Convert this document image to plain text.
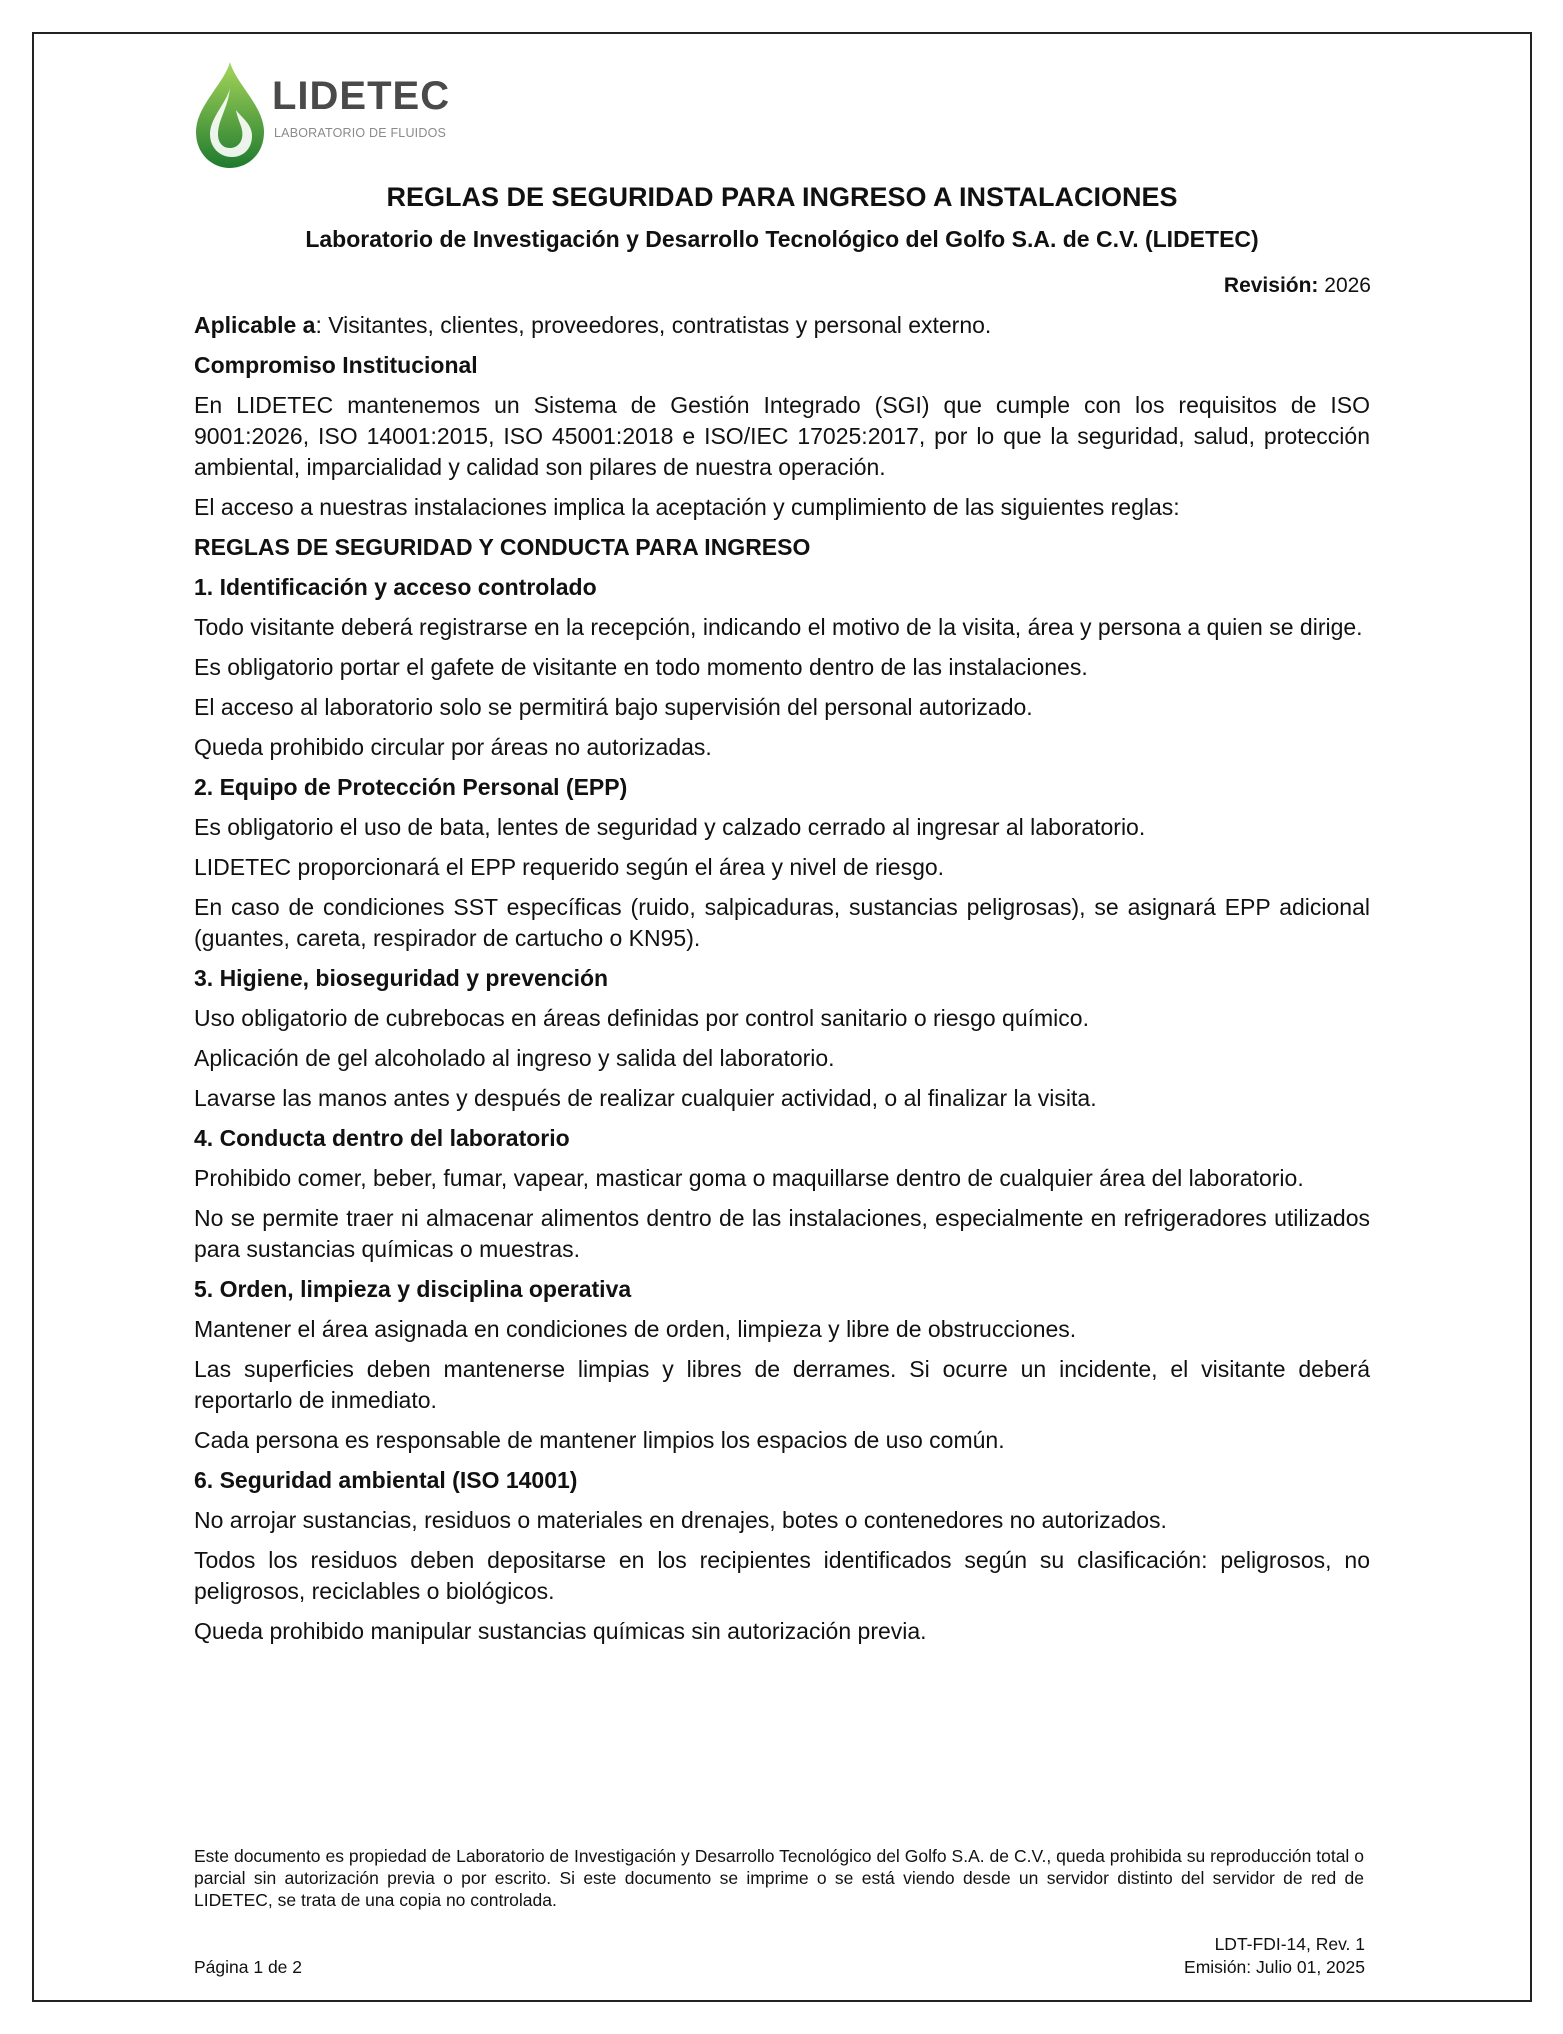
LIDETEC
LABORATORIO DE FLUIDOS
REGLAS DE SEGURIDAD PARA INGRESO A INSTALACIONES
Laboratorio de Investigación y Desarrollo Tecnológico del Golfo S.A. de C.V. (LIDETEC)
Revisión: 2026

Aplicable a: Visitantes, clientes, proveedores, contratistas y personal externo.

Compromiso Institucional

En LIDETEC mantenemos un Sistema de Gestión Integrado (SGI) que cumple con los requisitos de ISO 9001:2026, ISO 14001:2015, ISO 45001:2018 e ISO/IEC 17025:2017, por lo que la seguridad, salud, protección ambiental, imparcialidad y calidad son pilares de nuestra operación.

El acceso a nuestras instalaciones implica la aceptación y cumplimiento de las siguientes reglas:

REGLAS DE SEGURIDAD Y CONDUCTA PARA INGRESO

1. Identificación y acceso controlado

Todo visitante deberá registrarse en la recepción, indicando el motivo de la visita, área y persona a quien se dirige.

Es obligatorio portar el gafete de visitante en todo momento dentro de las instalaciones.

El acceso al laboratorio solo se permitirá bajo supervisión del personal autorizado.

Queda prohibido circular por áreas no autorizadas.

2. Equipo de Protección Personal (EPP)

Es obligatorio el uso de bata, lentes de seguridad y calzado cerrado al ingresar al laboratorio.

LIDETEC proporcionará el EPP requerido según el área y nivel de riesgo.

En caso de condiciones SST específicas (ruido, salpicaduras, sustancias peligrosas), se asignará EPP adicional (guantes, careta, respirador de cartucho o KN95).

3. Higiene, bioseguridad y prevención

Uso obligatorio de cubrebocas en áreas definidas por control sanitario o riesgo químico.

Aplicación de gel alcoholado al ingreso y salida del laboratorio.

Lavarse las manos antes y después de realizar cualquier actividad, o al finalizar la visita.

4. Conducta dentro del laboratorio

Prohibido comer, beber, fumar, vapear, masticar goma o maquillarse dentro de cualquier área del laboratorio.

No se permite traer ni almacenar alimentos dentro de las instalaciones, especialmente en refrigeradores utilizados para sustancias químicas o muestras.

5. Orden, limpieza y disciplina operativa

Mantener el área asignada en condiciones de orden, limpieza y libre de obstrucciones.

Las superficies deben mantenerse limpias y libres de derrames. Si ocurre un incidente, el visitante deberá reportarlo de inmediato.

Cada persona es responsable de mantener limpios los espacios de uso común.

6. Seguridad ambiental (ISO 14001)

No arrojar sustancias, residuos o materiales en drenajes, botes o contenedores no autorizados.

Todos los residuos deben depositarse en los recipientes identificados según su clasificación: peligrosos, no peligrosos, reciclables o biológicos.

Queda prohibido manipular sustancias químicas sin autorización previa.

Este documento es propiedad de Laboratorio de Investigación y Desarrollo Tecnológico del Golfo S.A. de C.V., queda prohibida su reproducción total o parcial sin autorización previa o por escrito. Si este documento se imprime o se está viendo desde un servidor distinto del servidor de red de LIDETEC, se trata de una copia no controlada.
Página 1 de 2
LDT-FDI-14, Rev. 1
Emisión: Julio 01, 2025
